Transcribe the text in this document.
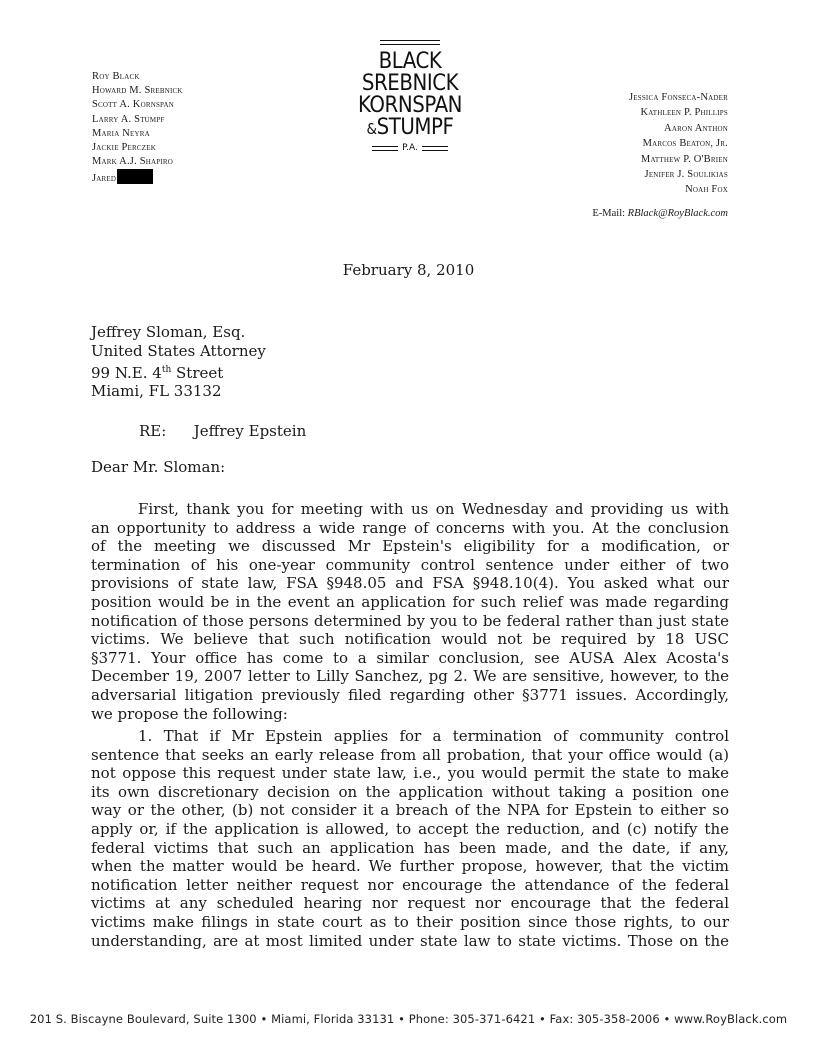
Roy Black
Howard M. Srebnick
Scott A. Kornspan
Larry A. Stumpf
Maria Neyra
Jackie Perczek
Mark A.J. Shapiro
Jared
BLACK
SREBNICK
KORNSPAN
&STUMPF
P.A.
Jessica Fonseca-Nader
Kathleen P. Phillips
Aaron Anthon
Marcos Beaton, Jr.
Matthew P. O'Brien
Jenifer J. Soulikias
Noah Fox
E-Mail: RBlack@RoyBlack.com
February 8, 2010
Jeffrey Sloman, Esq.
United States Attorney
99 N.E. 4th Street
Miami, FL 33132
RE: Jeffrey Epstein
Dear Mr. Sloman:
First, thank you for meeting with us on Wednesday and providing us with
an opportunity to address a wide range of concerns with you. At the conclusion
of the meeting we discussed Mr Epstein's eligibility for a modification, or
termination of his one-year community control sentence under either of two
provisions of state law, FSA §948.05 and FSA §948.10(4). You asked what our
position would be in the event an application for such relief was made regarding
notification of those persons determined by you to be federal rather than just state
victims. We believe that such notification would not be required by 18 USC
§3771. Your office has come to a similar conclusion, see AUSA Alex Acosta's
December 19, 2007 letter to Lilly Sanchez, pg 2. We are sensitive, however, to the
adversarial litigation previously filed regarding other §3771 issues. Accordingly,
we propose the following:
1. That if Mr Epstein applies for a termination of community control
sentence that seeks an early release from all probation, that your office would (a)
not oppose this request under state law, i.e., you would permit the state to make
its own discretionary decision on the application without taking a position one
way or the other, (b) not consider it a breach of the NPA for Epstein to either so
apply or, if the application is allowed, to accept the reduction, and (c) notify the
federal victims that such an application has been made, and the date, if any,
when the matter would be heard. We further propose, however, that the victim
notification letter neither request nor encourage the attendance of the federal
victims at any scheduled hearing nor request nor encourage that the federal
victims make filings in state court as to their position since those rights, to our
understanding, are at most limited under state law to state victims. Those on the
201 S. Biscayne Boulevard, Suite 1300 • Miami, Florida 33131 • Phone: 305-371-6421 • Fax: 305-358-2006 • www.RoyBlack.com
